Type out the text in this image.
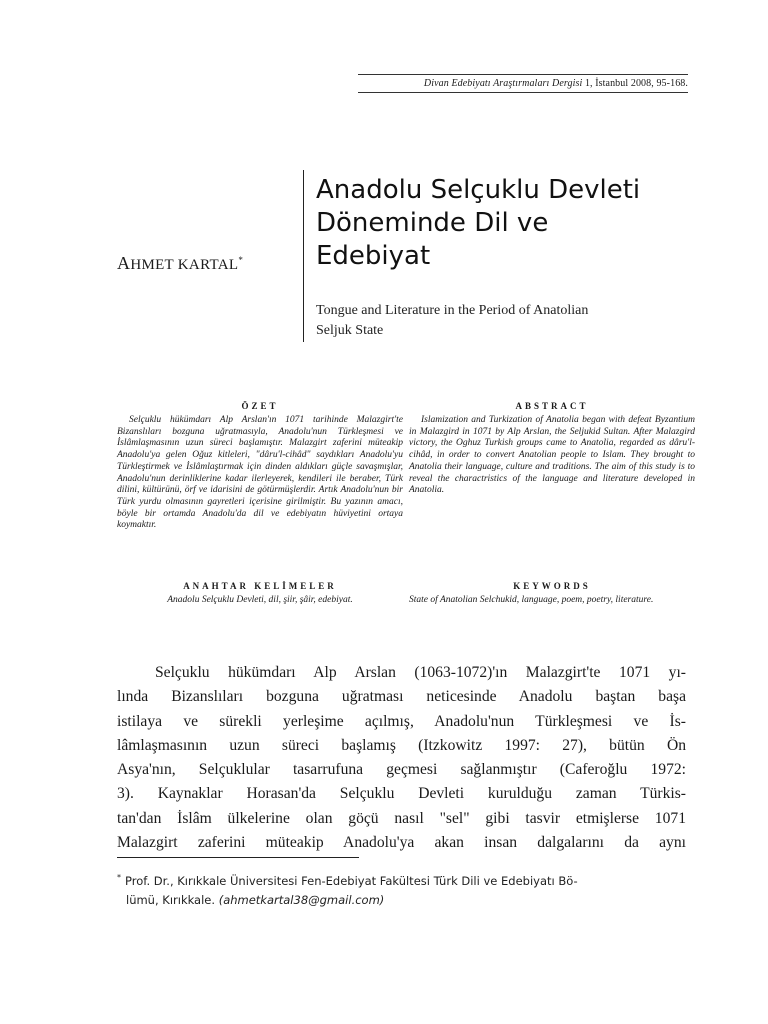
Divan Edebiyatı Araştırmaları Dergisi 1, İstanbul 2008, 95-168.
AHMET KARTAL*
Anadolu Selçuklu Devleti
Döneminde Dil ve
Edebiyat
Tongue and Literature in the Period of Anatolian
Seljuk State

ÖZET

Selçuklu hükümdarı Alp Arslan'ın 1071 tarihinde Malazgirt'te Bizanslıları bozguna uğratmasıyla, Anadolu'nun Türkleşmesi ve İslâmlaşmasının uzun süreci başlamıştır. Malazgirt zaferini müteakip Anadolu'ya gelen Oğuz kitleleri, "dâru'l-cihâd" saydıkları Anadolu'yu Türkleştirmek ve İslâmlaştırmak için dinden aldıkları güçle savaşmışlar, Anadolu'nun derinliklerine kadar ilerleyerek, kendileri ile beraber, Türk dilini, kültürünü, örf ve idarisini de götürmüşlerdir. Artık Anadolu'nun bir Türk yurdu olmasının gayretleri içerisine girilmiştir. Bu yazının amacı, böyle bir ortamda Anadolu'da dil ve edebiyatın hüviyetini ortaya koymaktır.

ABSTRACT

Islamization and Turkization of Anatolia began with defeat Byzantium in Malazgird in 1071 by Alp Arslan, the Seljukid Sultan. After Malazgird victory, the Oghuz Turkish groups came to Anatolia, regarded as dâru'l-cihâd, in order to convert Anatolian people to Islam. They brought to Anatolia their language, culture and traditions. The aim of this study is to reveal the charactristics of the language and literature developed in Anatolia.

ANAHTAR KELİMELER

Anadolu Selçuklu Devleti, dil, şiir, şâir, edebiyat.

KEYWORDS

State of Anatolian Selchukid, language, poem, poetry, literature.

Selçuklu hükümdarı Alp Arslan (1063-1072)'ın Malazgirt'te 1071 yı-
lında Bizanslıları bozguna uğratması neticesinde Anadolu baştan başa
istilaya ve sürekli yerleşime açılmış, Anadolu'nun Türkleşmesi ve İs-
lâmlaşmasının uzun süreci başlamış (Itzkowitz 1997: 27), bütün Ön
Asya'nın, Selçuklular tasarrufuna geçmesi sağlanmıştır (Caferoğlu 1972:
3). Kaynaklar Horasan'da Selçuklu Devleti kurulduğu zaman Türkis-
tan'dan İslâm ülkelerine olan göçü nasıl "sel" gibi tasvir etmişlerse 1071
Malazgirt zaferini müteakip Anadolu'ya akan insan dalgalarını da aynı
* Prof. Dr., Kırıkkale Üniversitesi Fen-Edebiyat Fakültesi Türk Dili ve Edebiyatı Bö-
lümü, Kırıkkale. (ahmetkartal38@gmail.com)
